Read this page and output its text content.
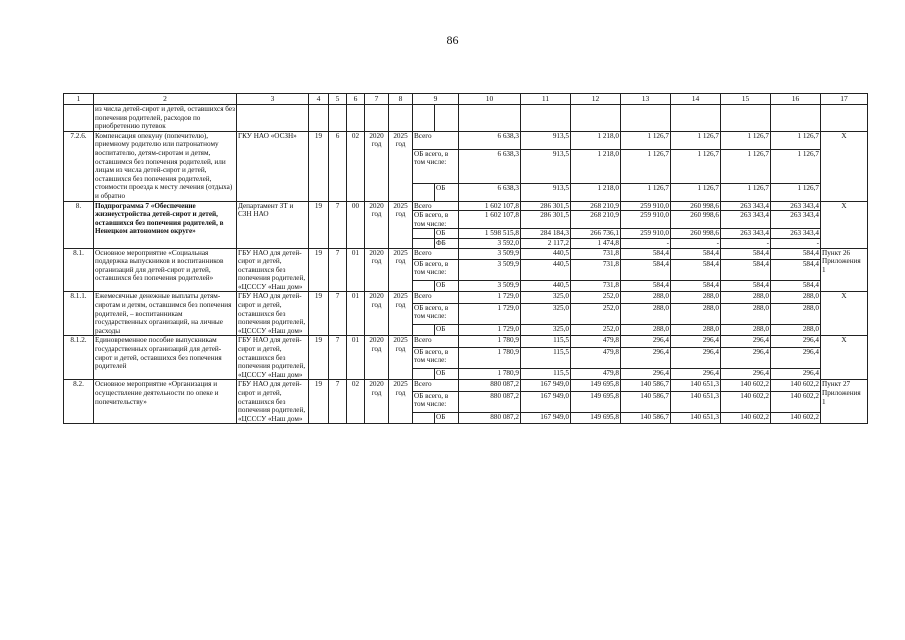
86
1	2	3	4	5	6	7	8	9		10	11	12	13	14	15	16	17
	из числа детей-сирот и детей, оставшихся без попечения родителей, расходов по приобретению путевок																
7.2.6.	Компенсация опекуну (попечителю), приемному родителю или патронатному воспитателю, детям-сиротам и детям, оставшимся без попечения родителей, или лицам из числа детей-сирот и детей, оставшихся без попечения родителей, стоимости проезда к месту лечения (отдыха) и обратно	ГКУ НАО «ОСЗН»	19	6	02	2020 год	2025 год	Всего		6 638,3	913,5	1 218,0	1 126,7	1 126,7	1 126,7	1 126,7	Х
								ОБ всего, в том числе:		6 638,3	913,5	1 218,0	1 126,7	1 126,7	1 126,7	1 126,7	
									ОБ	6 638,3	913,5	1 218,0	1 126,7	1 126,7	1 126,7	1 126,7	
8.	Подпрограмма 7 «Обеспечение жизнеустройства детей-сирот и детей, оставшихся без попечения родителей, в Ненецком автономном округе»	Департамент ЗТ и СЗН НАО	19	7	00	2020 год	2025 год	Всего		1 602 107,8	286 301,5	268 210,9	259 910,0	260 998,6	263 343,4	263 343,4	Х
								ОБ всего, в том числе:		1 602 107,8	286 301,5	268 210,9	259 910,0	260 998,6	263 343,4	263 343,4	
									ОБ	1 598 515,8	284 184,3	266 736,1	259 910,0	260 998,6	263 343,4	263 343,4	
									ФБ	3 592,0	2 117,2	1 474,8	-	-	-	-	
8.1.	Основное мероприятие «Социальная поддержка выпускников и воспитанников организаций для детей-сирот и детей, оставшихся без попечения родителей»	ГБУ НАО для детей-сирот и детей, оставшихся без попечения родителей, «ЦСССУ «Наш дом»	19	7	01	2020 год	2025 год	Всего		3 509,9	440,5	731,8	584,4	584,4	584,4	584,4	Пункт 26 Приложения 1
								ОБ всего, в том числе:		3 509,9	440,5	731,8	584,4	584,4	584,4	584,4	
									ОБ	3 509,9	440,5	731,8	584,4	584,4	584,4	584,4	
8.1.1.	Ежемесячные денежные выплаты детям-сиротам и детям, оставшимся без попечения родителей, – воспитанникам государственных организаций, на личные расходы	ГБУ НАО для детей-сирот и детей, оставшихся без попечения родителей, «ЦСССУ «Наш дом»	19	7	01	2020 год	2025 год	Всего		1 729,0	325,0	252,0	288,0	288,0	288,0	288,0	Х
								ОБ всего, в том числе:		1 729,0	325,0	252,0	288,0	288,0	288,0	288,0	
									ОБ	1 729,0	325,0	252,0	288,0	288,0	288,0	288,0	
8.1.2.	Единовременное пособие выпускникам государственных организаций для детей-сирот и детей, оставшихся без попечения родителей	ГБУ НАО для детей-сирот и детей, оставшихся без попечения родителей, «ЦСССУ «Наш дом»	19	7	01	2020 год	2025 год	Всего		1 780,9	115,5	479,8	296,4	296,4	296,4	296,4	Х
								ОБ всего, в том числе:		1 780,9	115,5	479,8	296,4	296,4	296,4	296,4	
									ОБ	1 780,9	115,5	479,8	296,4	296,4	296,4	296,4	
8.2.	Основное мероприятие «Организация и осуществление деятельности по опеке и попечительству»	ГБУ НАО для детей-сирот и детей, оставшихся без попечения родителей, «ЦСССУ «Наш дом»	19	7	02	2020 год	2025 год	Всего		880 087,2	167 949,0	149 695,8	140 586,7	140 651,3	140 602,2	140 602,2	Пункт 27 Приложения 1
								ОБ всего, в том числе:		880 087,2	167 949,0	149 695,8	140 586,7	140 651,3	140 602,2	140 602,2	
									ОБ	880 087,2	167 949,0	149 695,8	140 586,7	140 651,3	140 602,2	140 602,2	
